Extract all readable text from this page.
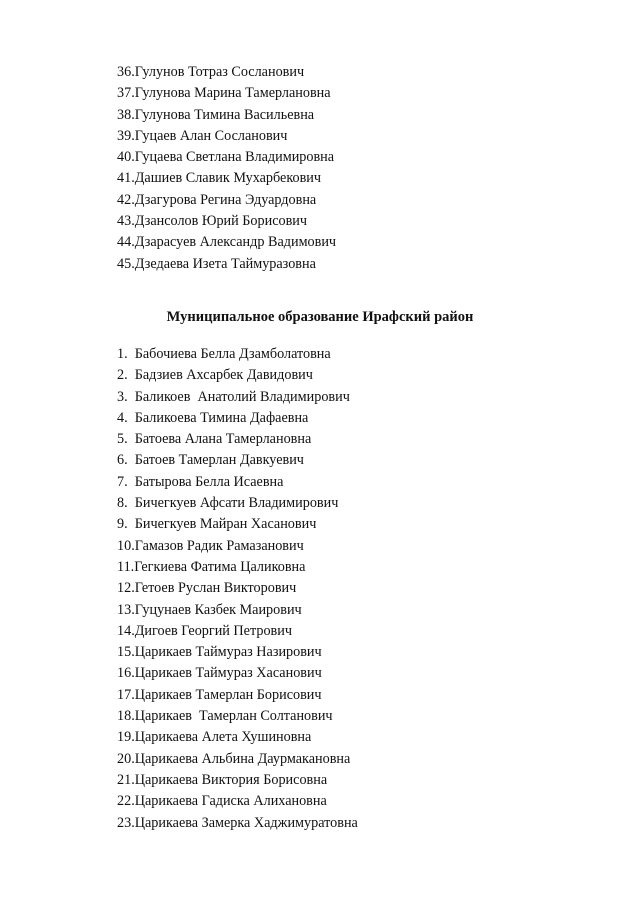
36.Гулунов Тотраз Сосланович
37.Гулунова Марина Тамерлановна
38.Гулунова Тимина Васильевна
39.Гуцаев Алан Сосланович
40.Гуцаева Светлана Владимировна
41.Дашиев Славик Мухарбекович
42.Дзагурова Регина Эдуардовна
43.Дзансолов Юрий Борисович
44.Дзарасуев Александр Вадимович
45.Дзедаева Изета Таймуразовна
Муниципальное образование Ирафский район
1.  Бабочиева Белла Дзамболатовна
2.  Бадзиев Ахсарбек Давидович
3.  Баликоев  Анатолий Владимирович
4.  Баликоева Тимина Дафаевна
5.  Батоева Алана Тамерлановна
6.  Батоев Тамерлан Давкуевич
7.  Батырова Белла Исаевна
8.  Бичегкуев Афсати Владимирович
9.  Бичегкуев Майран Хасанович
10.Гамазов Радик Рамазанович
11.Гегкиева Фатима Цаликовна
12.Гетоев Руслан Викторович
13.Гуцунаев Казбек Маирович
14.Дигоев Георгий Петрович
15.Царикаев Таймураз Назирович
16.Царикаев Таймураз Хасанович
17.Царикаев Тамерлан Борисович
18.Царикаев  Тамерлан Солтанович
19.Царикаева Алета Хушиновна
20.Царикаева Альбина Даурмакановна
21.Царикаева Виктория Борисовна
22.Царикаева Гадиска Алихановна
23.Царикаева Замерка Хаджимуратовна
